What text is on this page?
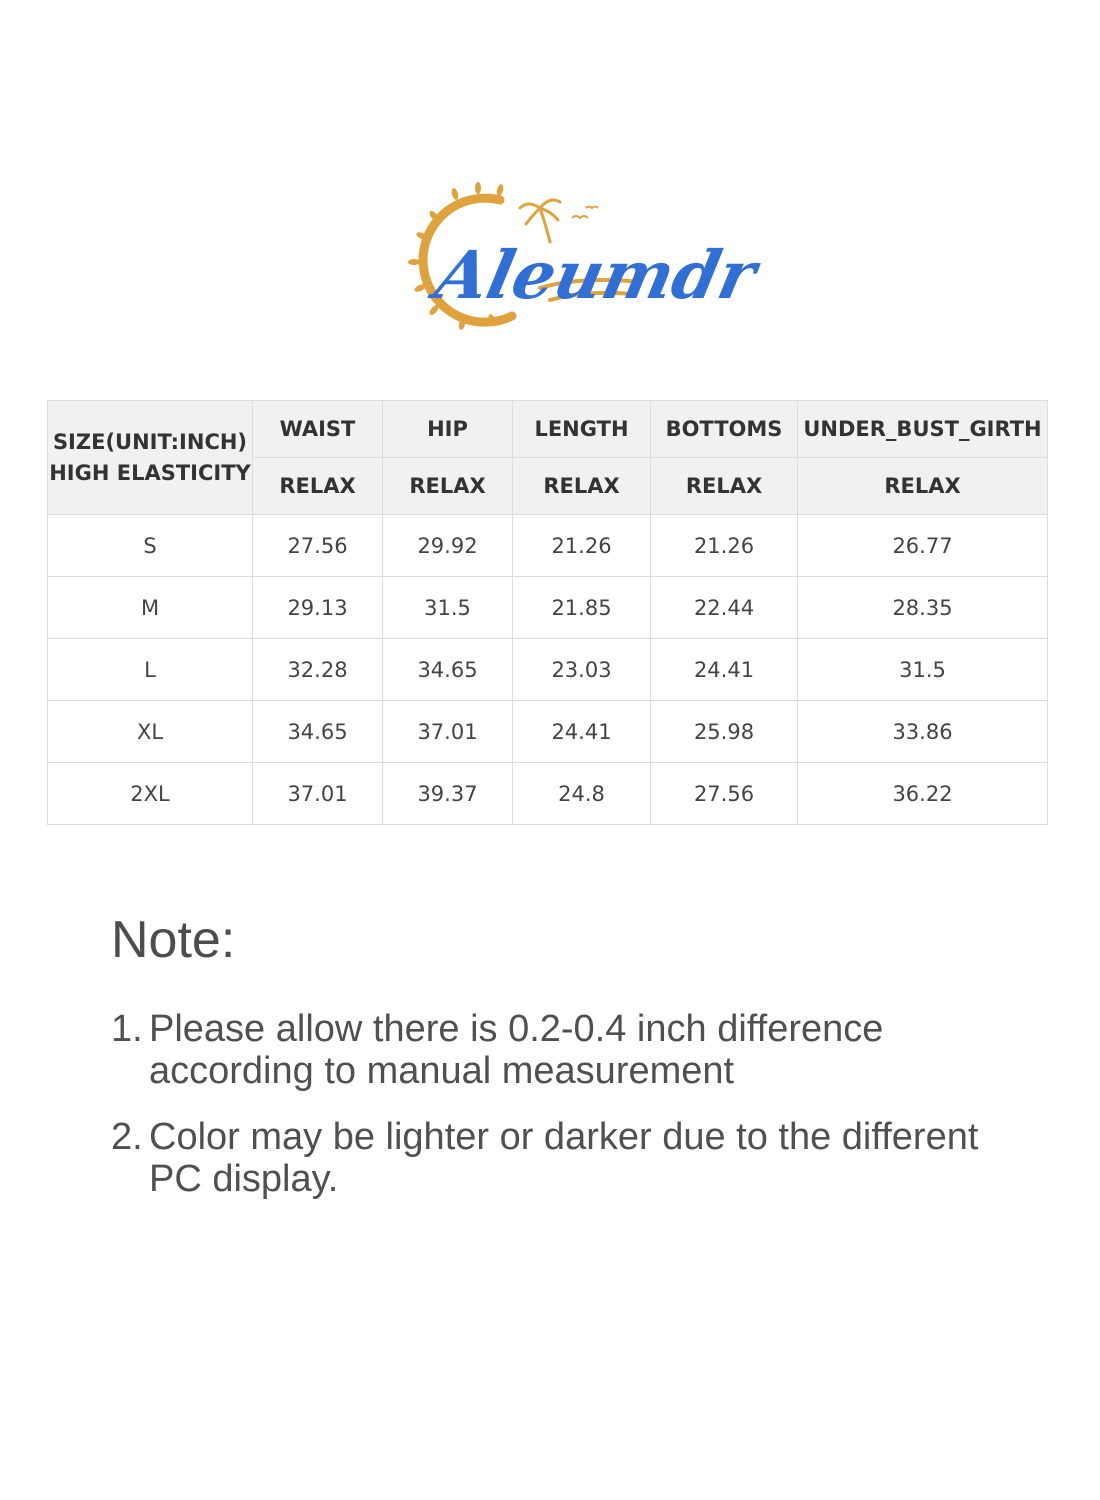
Aleumdr
SIZE(UNIT:INCH) HIGH ELASTICITY	WAIST	HIP	LENGTH	BOTTOMS	UNDER_BUST_GIRTH
	RELAX	RELAX	RELAX	RELAX	RELAX
S	27.56	29.92	21.26	21.26	26.77
M	29.13	31.5	21.85	22.44	28.35
L	32.28	34.65	23.03	24.41	31.5
XL	34.65	37.01	24.41	25.98	33.86
2XL	37.01	39.37	24.8	27.56	36.22
Note:
1. Please allow there is 0.2-0.4 inch difference according to manual measurement
2. Color may be lighter or darker due to the different PC display.
